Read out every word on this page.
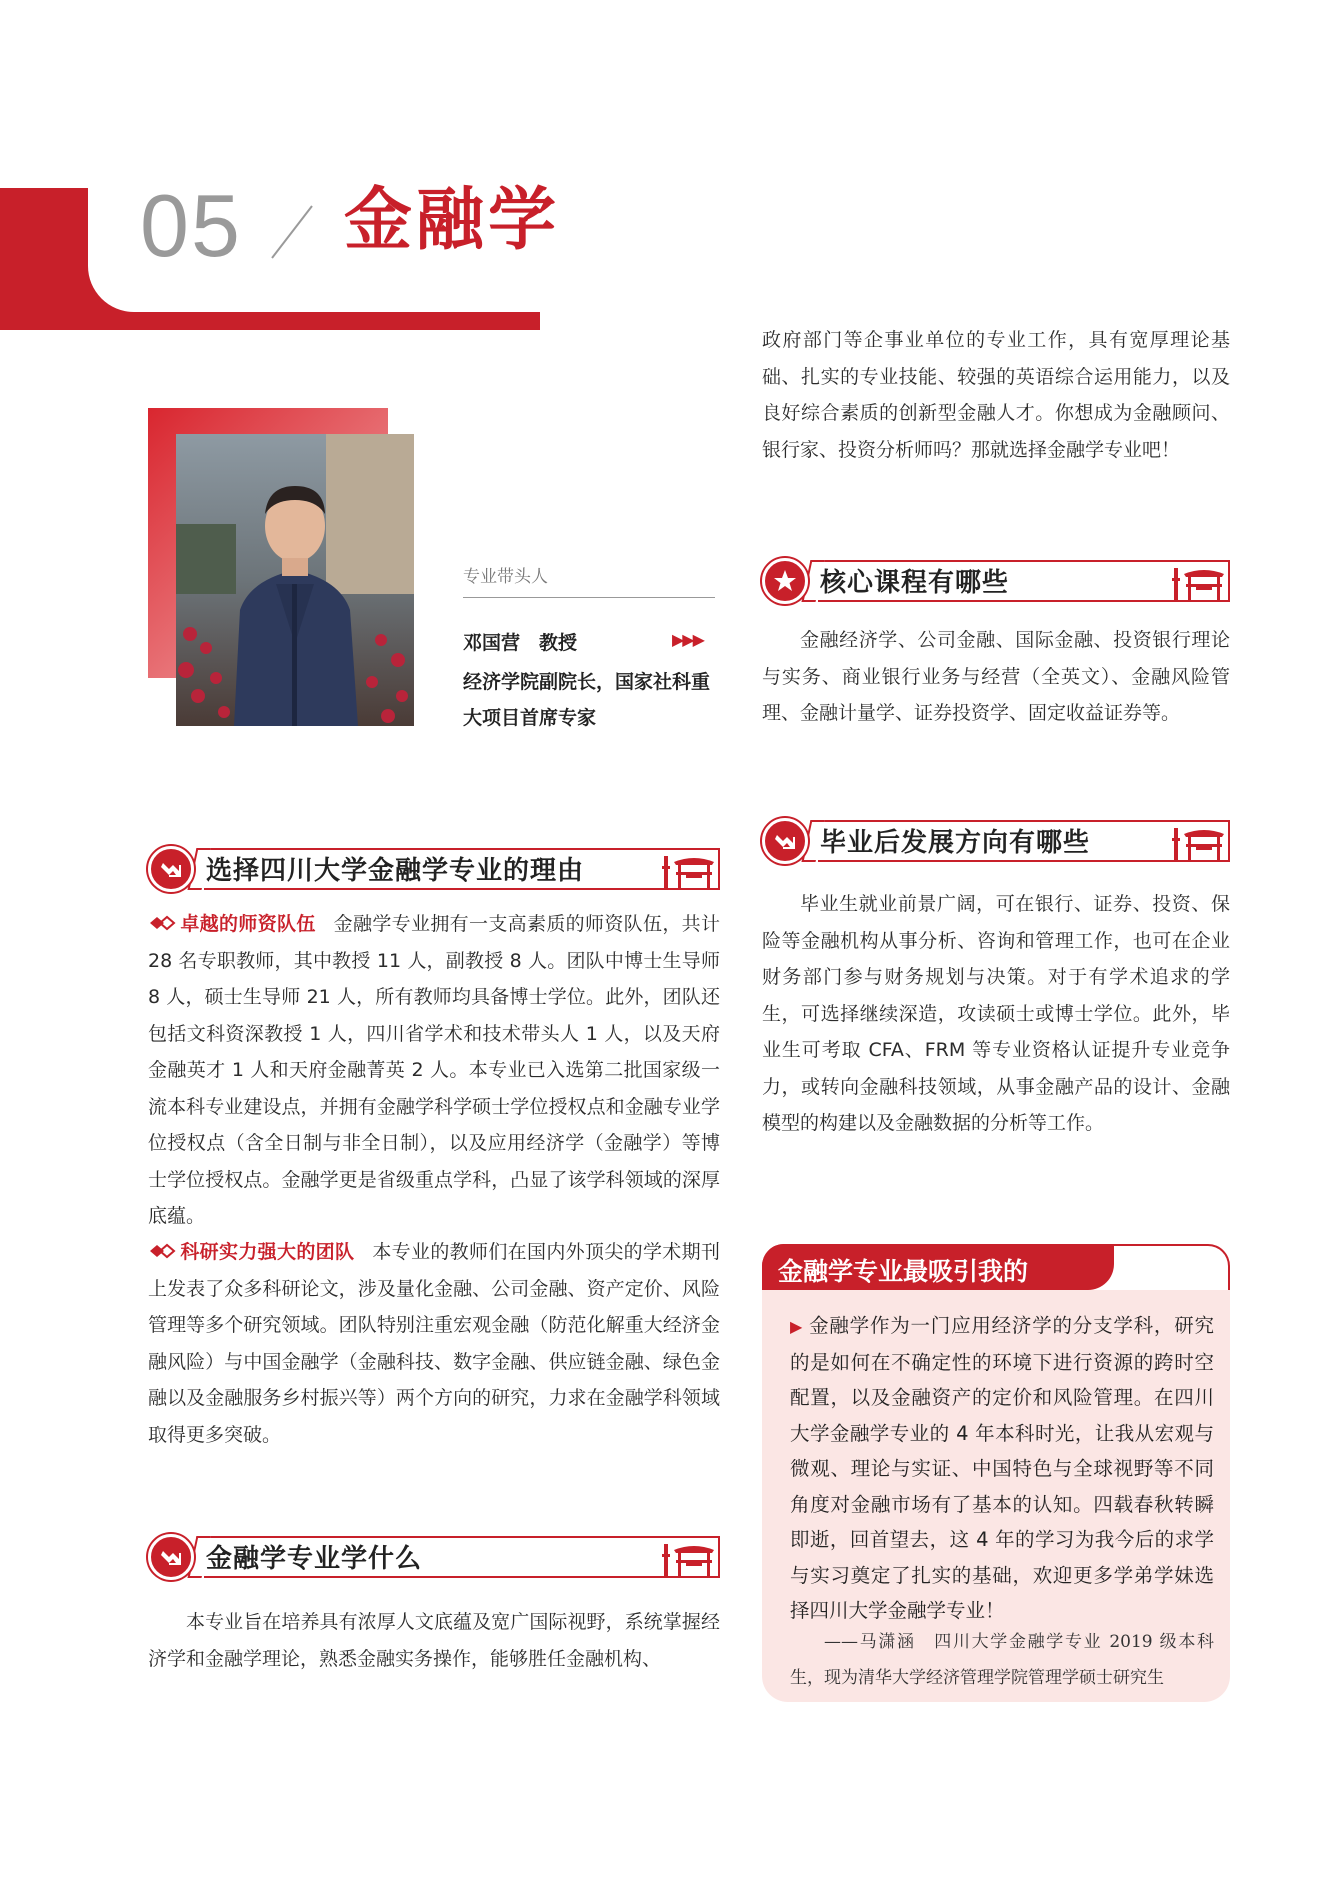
05 金融学
专业带头人
邓国营　教授	▶▶▶

经济学院副院长，国家社科重大项目首席专家

政府部门等企事业单位的专业工作，具有宽厚理论基础、扎实的专业技能、较强的英语综合运用能力，以及良好综合素质的创新型金融人才。你想成为金融顾问、银行家、投资分析师吗？那就选择金融学专业吧！

核心课程有哪些

金融经济学、公司金融、国际金融、投资银行理论与实务、商业银行业务与经营（全英文）、金融风险管理、金融计量学、证券投资学、固定收益证券等。

毕业后发展方向有哪些

毕业生就业前景广阔，可在银行、证券、投资、保险等金融机构从事分析、咨询和管理工作，也可在企业财务部门参与财务规划与决策。对于有学术追求的学生，可选择继续深造，攻读硕士或博士学位。此外，毕业生可考取 CFA、FRM 等专业资格认证提升专业竞争力，或转向金融科技领域，从事金融产品的设计、金融模型的构建以及金融数据的分析等工作。

金融学专业最吸引我的

▶ 金融学作为一门应用经济学的分支学科，研究的是如何在不确定性的环境下进行资源的跨时空配置，以及金融资产的定价和风险管理。在四川大学金融学专业的 4 年本科时光，让我从宏观与微观、理论与实证、中国特色与全球视野等不同角度对金融市场有了基本的认知。四载春秋转瞬即逝，回首望去，这 4 年的学习为我今后的求学与实习奠定了扎实的基础，欢迎更多学弟学妹选择四川大学金融学专业！

——马潇涵　四川大学金融学专业 2019 级本科生，现为清华大学经济管理学院管理学硕士研究生

选择四川大学金融学专业的理由

卓越的师资队伍 金融学专业拥有一支高素质的师资队伍，共计 28 名专职教师，其中教授 11 人，副教授 8 人。团队中博士生导师 8 人，硕士生导师 21 人，所有教师均具备博士学位。此外，团队还包括文科资深教授 1 人，四川省学术和技术带头人 1 人，以及天府金融英才 1 人和天府金融菁英 2 人。本专业已入选第二批国家级一流本科专业建设点，并拥有金融学科学硕士学位授权点和金融专业学位授权点（含全日制与非全日制），以及应用经济学（金融学）等博士学位授权点。金融学更是省级重点学科，凸显了该学科领域的深厚底蕴。

科研实力强大的团队 本专业的教师们在国内外顶尖的学术期刊上发表了众多科研论文，涉及量化金融、公司金融、资产定价、风险管理等多个研究领域。团队特别注重宏观金融（防范化解重大经济金融风险）与中国金融学（金融科技、数字金融、供应链金融、绿色金融以及金融服务乡村振兴等）两个方向的研究，力求在金融学科领域取得更多突破。

金融学专业学什么

本专业旨在培养具有浓厚人文底蕴及宽广国际视野，系统掌握经济学和金融学理论，熟悉金融实务操作，能够胜任金融机构、
